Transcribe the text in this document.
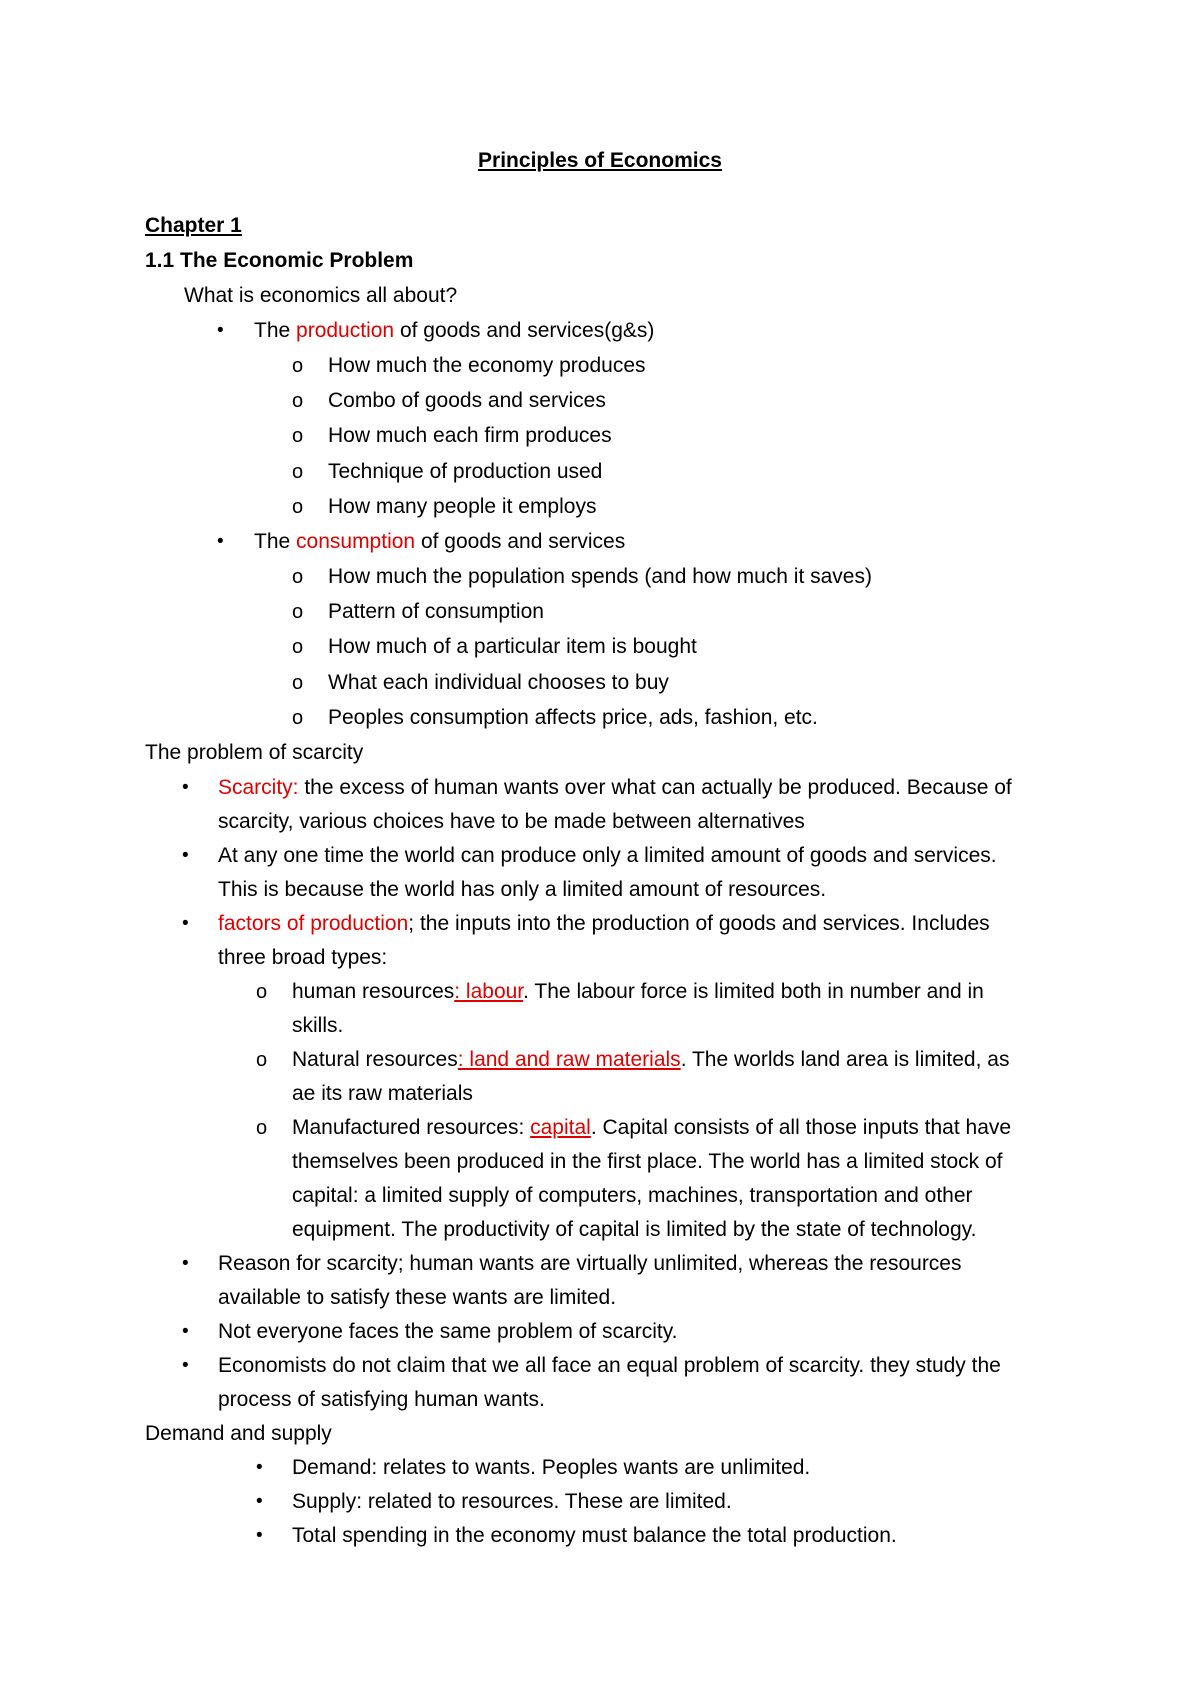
Principles of Economics
Chapter 1
1.1 The Economic Problem
What is economics all about?
• The production of goods and services(g&s)
o How much the economy produces
o Combo of goods and services
o How much each firm produces
o Technique of production used
o How many people it employs
• The consumption of goods and services
o How much the population spends (and how much it saves)
o Pattern of consumption
o How much of a particular item is bought
o What each individual chooses to buy
o Peoples consumption affects price, ads, fashion, etc.
The problem of scarcity
• Scarcity: the excess of human wants over what can actually be produced. Because of
scarcity, various choices have to be made between alternatives
• At any one time the world can produce only a limited amount of goods and services.
This is because the world has only a limited amount of resources.
• factors of production; the inputs into the production of goods and services. Includes
three broad types:
o human resources: labour. The labour force is limited both in number and in
skills.
o Natural resources: land and raw materials. The worlds land area is limited, as
ae its raw materials
o Manufactured resources: capital. Capital consists of all those inputs that have
themselves been produced in the first place. The world has a limited stock of
capital: a limited supply of computers, machines, transportation and other
equipment. The productivity of capital is limited by the state of technology.
• Reason for scarcity; human wants are virtually unlimited, whereas the resources
available to satisfy these wants are limited.
• Not everyone faces the same problem of scarcity.
• Economists do not claim that we all face an equal problem of scarcity. they study the
process of satisfying human wants.
Demand and supply
• Demand: relates to wants. Peoples wants are unlimited.
• Supply: related to resources. These are limited.
• Total spending in the economy must balance the total production.
